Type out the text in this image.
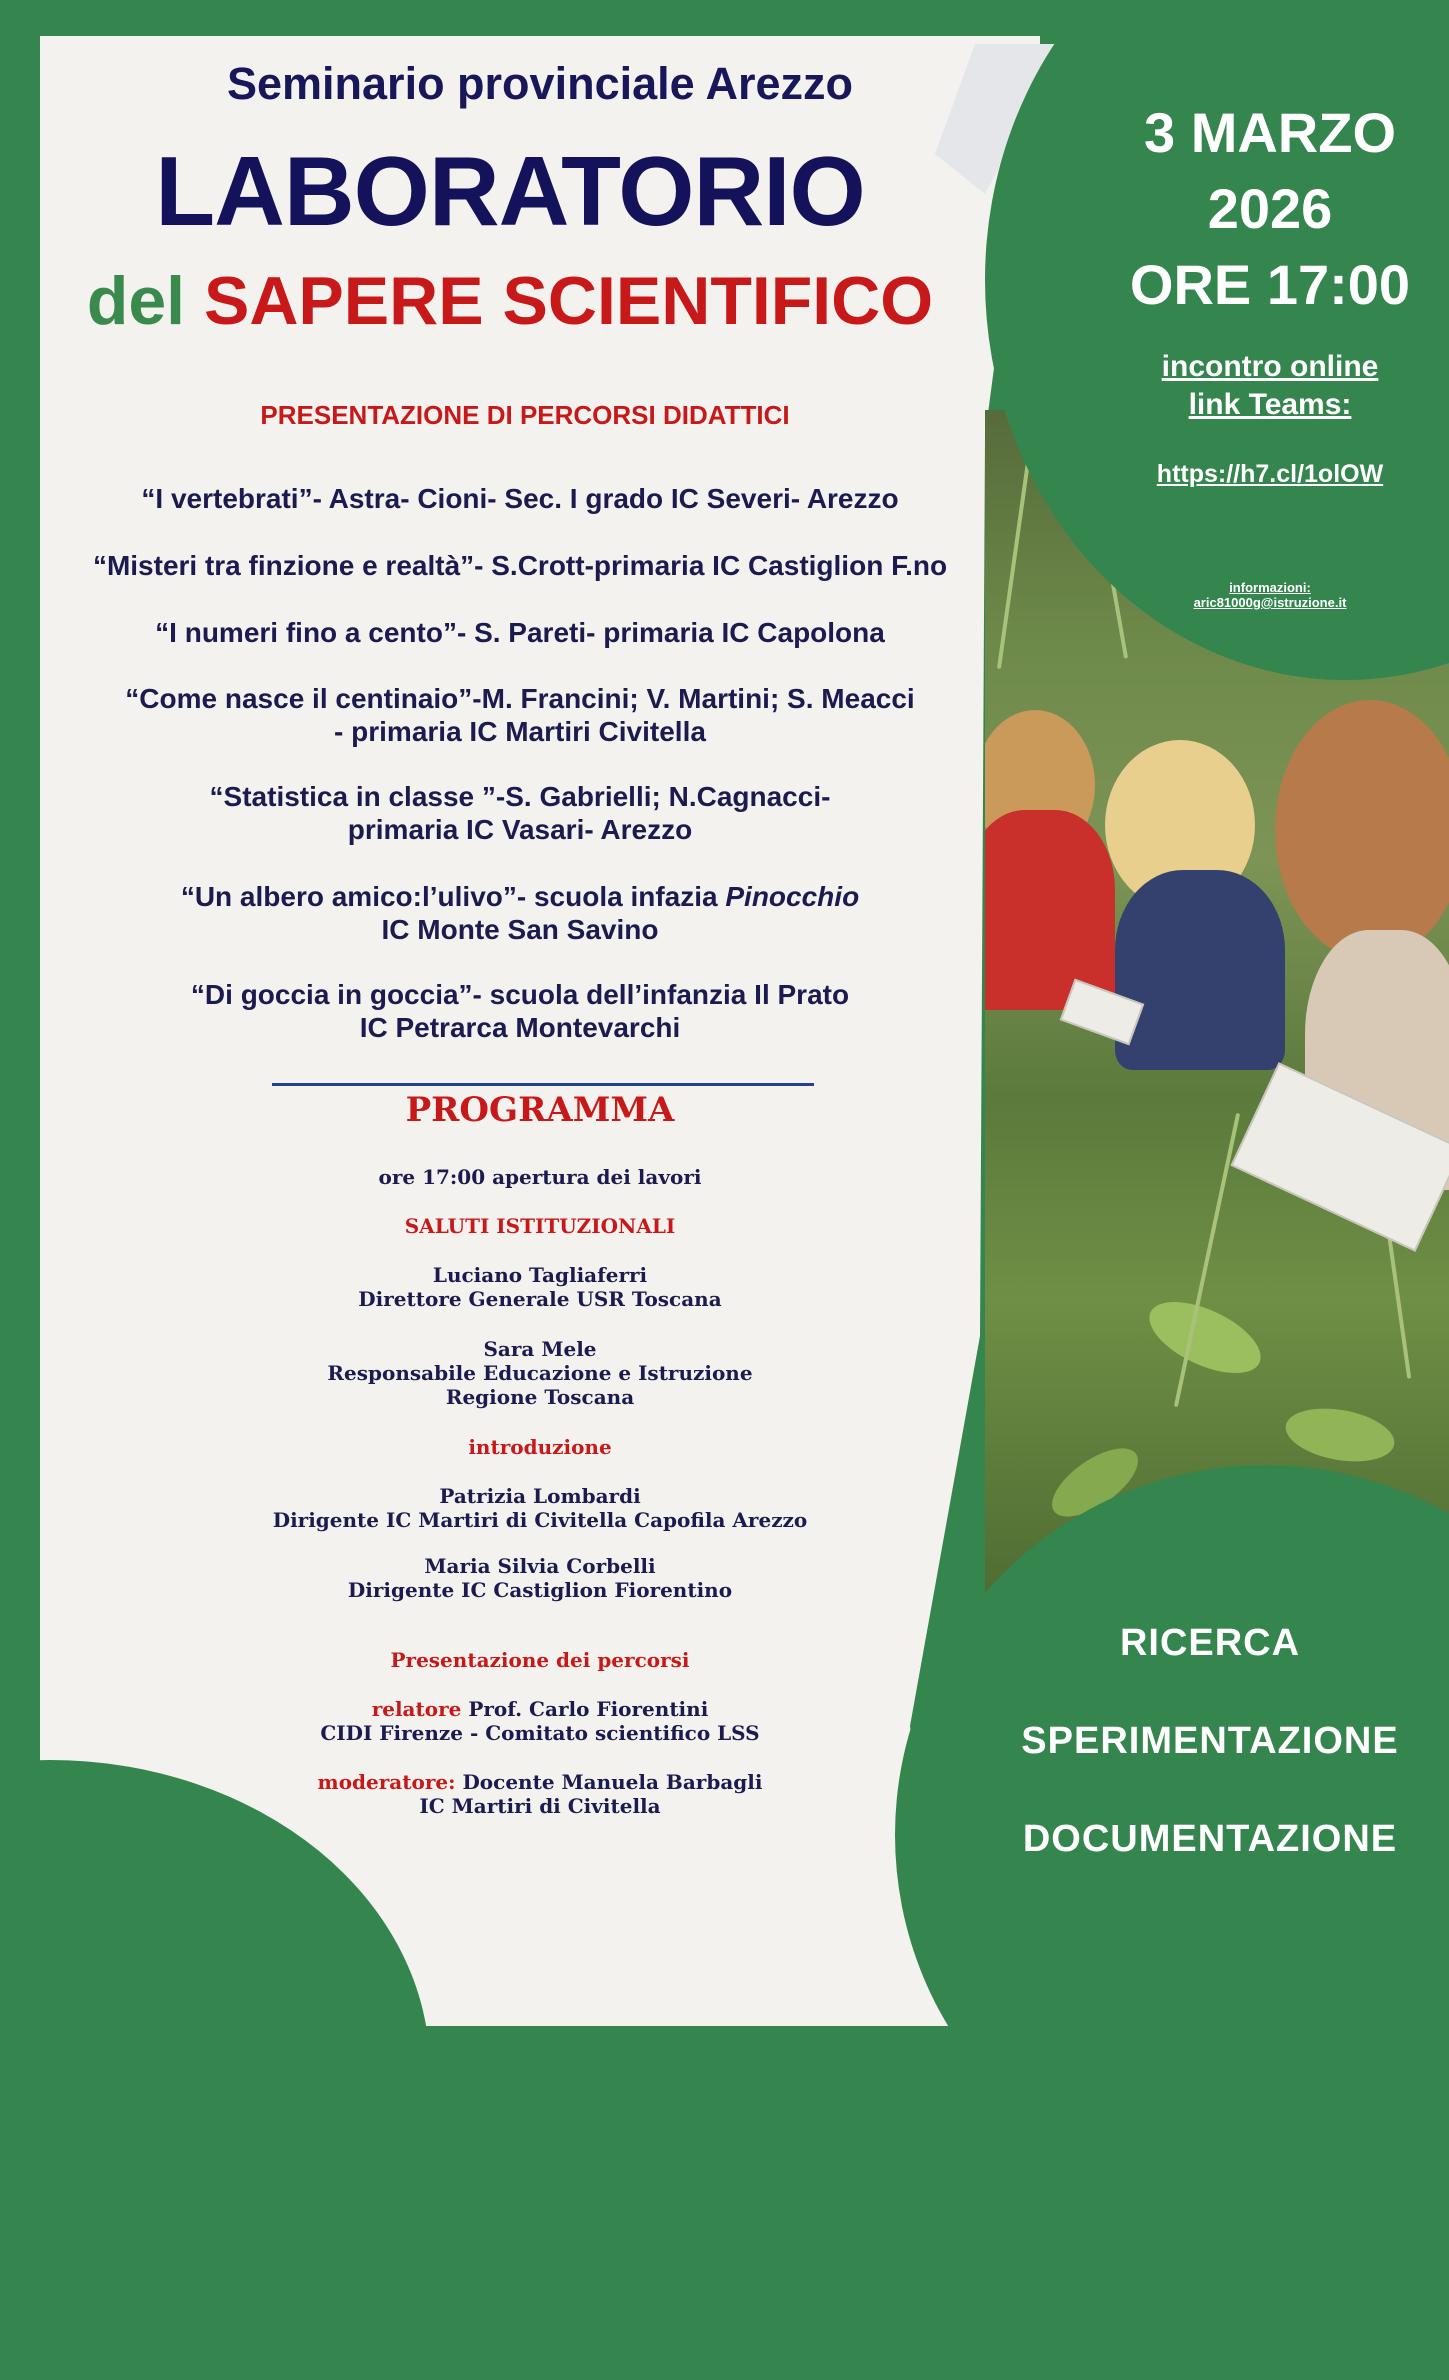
Seminario provinciale Arezzo
LABORATORIO
del SAPERE SCIENTIFICO
PRESENTAZIONE DI PERCORSI DIDATTICI
“I vertebrati”- Astra- Cioni- Sec. I grado IC Severi- Arezzo
“Misteri tra finzione e realtà”- S.Crott-primaria IC Castiglion F.no
“I numeri fino a cento”- S. Pareti- primaria IC Capolona
“Come nasce il centinaio”-M. Francini; V. Martini; S. Meacci
- primaria IC Martiri Civitella
“Statistica in classe ”-S. Gabrielli; N.Cagnacci-
primaria IC Vasari- Arezzo
“Un albero amico:l’ulivo”- scuola infazia Pinocchio
IC Monte San Savino
“Di goccia in goccia”- scuola dell’infanzia Il Prato
IC Petrarca Montevarchi
PROGRAMMA
ore 17:00 apertura dei lavori
SALUTI ISTITUZIONALI
Luciano Tagliaferri
Direttore Generale USR Toscana
Sara Mele
Responsabile Educazione e Istruzione
Regione Toscana
introduzione
Patrizia Lombardi
Dirigente IC Martiri di Civitella Capofila Arezzo
Maria Silvia Corbelli
Dirigente IC Castiglion Fiorentino
Presentazione dei percorsi
relatore Prof. Carlo Fiorentini
CIDI Firenze - Comitato scientifico LSS
moderatore: Docente Manuela Barbagli
IC Martiri di Civitella
3 MARZO
2026
ORE 17:00
incontro online
link Teams:
https://h7.cl/1olOW
informazioni:
aric81000g@istruzione.it
RICERCA
SPERIMENTAZIONE
DOCUMENTAZIONE
